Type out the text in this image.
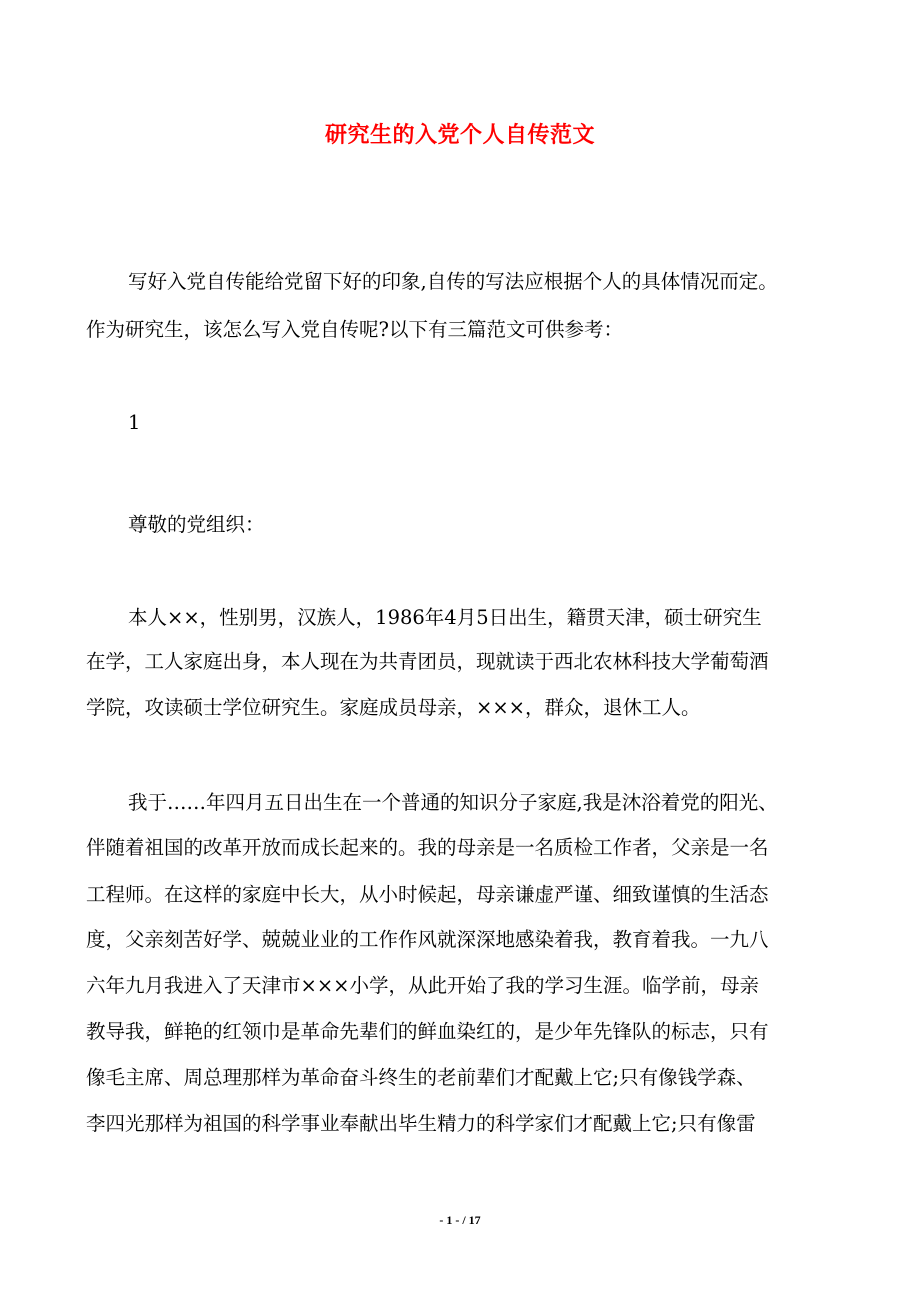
研究生的入党个人自传范文
写好入党自传能给党留下好的印象,自传的写法应根据个人的具体情况而定。
作为研究生，该怎么写入党自传呢?以下有三篇范文可供参考：
1
尊敬的党组织：
本人××，性别男，汉族人，1986年4月5日出生，籍贯天津，硕士研究生
在学，工人家庭出身，本人现在为共青团员，现就读于西北农林科技大学葡萄酒
学院，攻读硕士学位研究生。家庭成员母亲，×××，群众，退休工人。
我于……年四月五日出生在一个普通的知识分子家庭,我是沐浴着党的阳光、
伴随着祖国的改革开放而成长起来的。我的母亲是一名质检工作者，父亲是一名
工程师。在这样的家庭中长大，从小时候起，母亲谦虚严谨、细致谨慎的生活态
度，父亲刻苦好学、兢兢业业的工作作风就深深地感染着我，教育着我。一九八
六年九月我进入了天津市×××小学，从此开始了我的学习生涯。临学前，母亲
教导我，鲜艳的红领巾是革命先辈们的鲜血染红的，是少年先锋队的标志，只有
像毛主席、周总理那样为革命奋斗终生的老前辈们才配戴上它;只有像钱学森、
李四光那样为祖国的科学事业奉献出毕生精力的科学家们才配戴上它;只有像雷
- 1 - / 17
